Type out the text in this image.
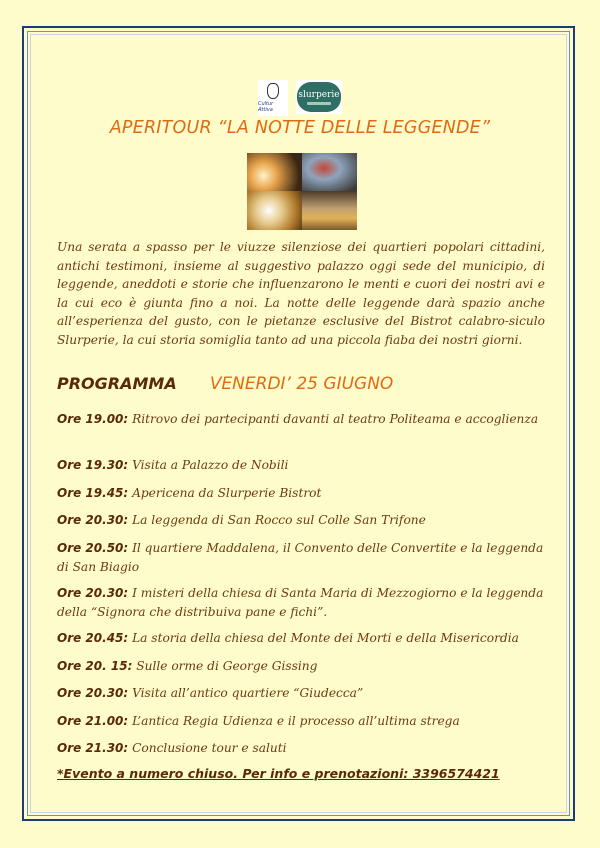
Cultur Attiva
slurperie
APERITOUR “LA NOTTE DELLE LEGGENDE”
Una serata a spasso per le viuzze silenziose dei quartieri popolari cittadini, antichi testimoni, insieme al suggestivo palazzo oggi sede del municipio, di leggende, aneddoti e storie che influenzarono le menti e cuori dei nostri avi e la cui eco è giunta fino a noi. La notte delle leggende darà spazio anche all’esperienza del gusto, con le pietanze esclusive del Bistrot calabro-siculo Slurperie, la cui storia somiglia tanto ad una piccola fiaba dei nostri giorni.
PROGRAMMA VENERDI’ 25 GIUGNO
Ore 19.00: Ritrovo dei partecipanti davanti al teatro Politeama e accoglienza
Ore 19.30: Visita a Palazzo de Nobili
Ore 19.45: Apericena da Slurperie Bistrot
Ore 20.30: La leggenda di San Rocco sul Colle San Trifone
Ore 20.50: Il quartiere Maddalena, il Convento delle Convertite e la leggenda di San Biagio
Ore 20.30: I misteri della chiesa di Santa Maria di Mezzogiorno e la leggenda della “Signora che distribuiva pane e fichi”.
Ore 20.45: La storia della chiesa del Monte dei Morti e della Misericordia
Ore 20. 15: Sulle orme di George Gissing
Ore 20.30: Visita all’antico quartiere “Giudecca”
Ore 21.00: L’antica Regia Udienza e il processo all’ultima strega
Ore 21.30: Conclusione tour e saluti
*Evento a numero chiuso. Per info e prenotazioni: 3396574421
